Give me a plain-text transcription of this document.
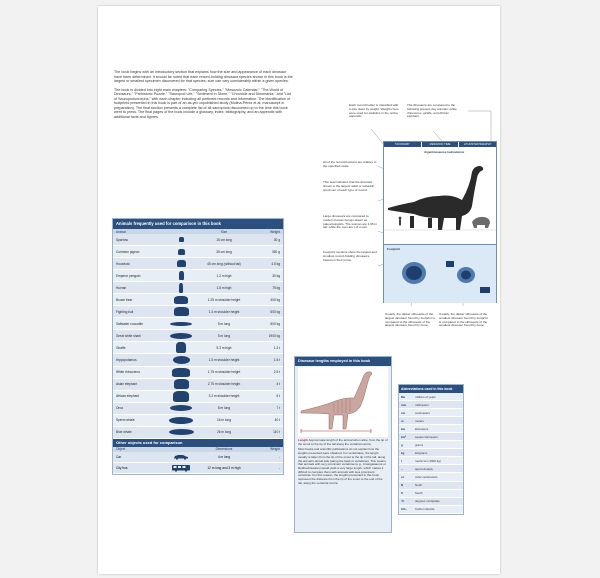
The book begins with an introductory section that explains how the size and appearance of each dinosaur have been determined. It should be noted that each record-holding dinosaur species shown in this book is the largest or smallest specimen discovered for that species; size can vary considerably within a given species.

The book is divided into eight main chapters: "Comparing Species," "Mesozoic Calendar," "The World of Dinosaurs," "Prehistoric Puzzle," "Sauropod Life," "Sediment in Stone," "Chronicle and Dinomania," and "List of Sauropodomorphs," with each chapter including all pertinent records and information. The identification of footprints presented in this book is part of an as-yet unpublished study (Molina-Pérez et al, manuscript in preparation). The final section presents a complete list of all sauropods discovered up to the time this book went to press. The final pages of the book include a glossary, index, bibliography, and an appendix with additional facts and figures.

Animals frequently used for comparison in this book
Animal	Size	Weight
Sparrow	15 cm long	30 g
Common pigeon	35 cm long	350 g
Housecat	45 cm long (without tail)	4.5 kg
Emperor penguin	1.2 m high	30 kg
Human	1.8 m high	75 kg
Brown bear	1.25 m shoulder height	400 kg
Fighting bull	1.4 m shoulder height	600 kg
Saltwater crocodile	5 m long	600 kg
Great white shark	5 m long	1900 kg
Giraffe	5.3 m high	1.2 t
Hippopotamus	1.5 m shoulder height	1.5 t
White rhinoceros	1.75 m shoulder height	2.5 t
Asian elephant	2.75 m shoulder height	4 t
African elephant	3.2 m shoulder height	6 t
Orca	8 m long	7 t
Sperm whale	16 m long	40 t
Blue whale	26 m long	110 t
Other objects used for comparison
Object	Dimensions	Weight
Car	4 m long	-
City bus	12 m long and 3 m high	-
Each record holder is classified with a size class by weight. Weights here were used for statistics in the online appendix.
The dinosaurs are compared to the following present-day animals: white rhinoceros, giraffe, and African elephant.
All of the reconstructions are relative to the specified scale.
This seal indicates that the dinosaur shown is the largest adult or subadult specimen of each type of record.
Large dinosaurs are compared to modern human beings drawn as paleontologists. The woman are 1.65 m tall, while the men are 1.8 m tall.
Footprint sections show the largest and smallest record-holding dinosaurs, based on their prints.
TAXONOMY	MESOZOIC TIME	LITHOSTRATIGRAPHY
Argentinosaurus huinculensis
Footprint
Usually, the darker silhouette of the largest dinosaur found by footprint is compared to the silhouette of the largest dinosaur found by bone.
Usually, the darker silhouette of the smallest dinosaur found by footprint is compared to the silhouette of the smallest dinosaur found by bone.
Dinosaur lengths employed in this book
Length Approximate length of the animal when alive, from the tip of the snout to the tip of the tail along the vertebral centra.
Most books and scientific publications do not explain how the lengths presented were obtained. For vertebrates, the length usually is taken from the tip of the snout to the tip of the tail, along the animal's dorsal side (along the back or vertebrae). This means that animals with very prominent vertebrae (e.g., Amargasaurus or Rebbachisaurus) would yield a very large length, which makes it difficult to compare them with animals with less prominent vertebrae. For this reason, the lengths presented in this book represent the distance from the tip of the snout to the end of the tail, along the vertebral centra.
Abbreviations used in this book
Ma	millions of years
mm	millimeters
cm	centimeters
m	meters
km	kilometers
km²	square kilometers
g	grams
kg	kilograms
t	metric ton (1000 kg)
~	approximately
cc	cubic centimeters
N	North
S	South
°C	degrees centigrade
CO₂	Carbon dioxide
